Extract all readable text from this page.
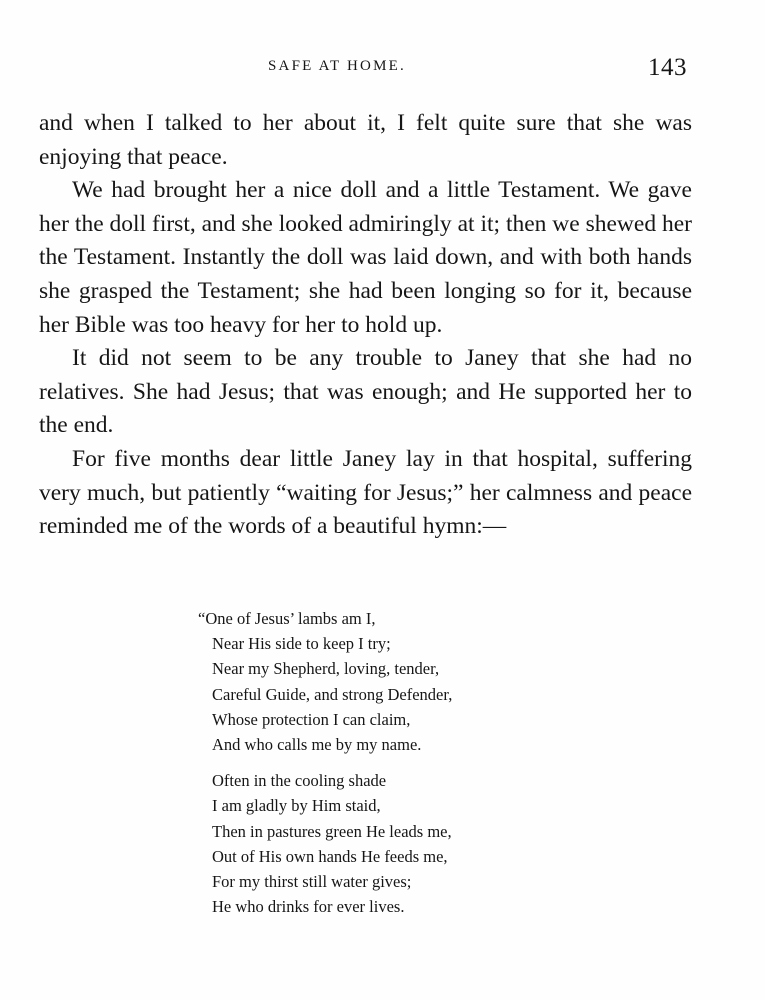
SAFE AT HOME.	143

and when I talked to her about it, I felt quite sure that she was enjoying that peace.

We had brought her a nice doll and a little Testament. We gave her the doll first, and she looked admiringly at it; then we shewed her the Testament. Instantly the doll was laid down, and with both hands she grasped the Testament; she had been longing so for it, because her Bible was too heavy for her to hold up.

It did not seem to be any trouble to Janey that she had no relatives. She had Jesus; that was enough; and He supported her to the end.

For five months dear little Janey lay in that hospital, suffering very much, but patiently “waiting for Jesus;” her calmness and peace reminded me of the words of a beautiful hymn:—

“One of Jesus’ lambs am I,
Near His side to keep I try;
Near my Shepherd, loving, tender,
Careful Guide, and strong Defender,
Whose protection I can claim,
And who calls me by my name.
Often in the cooling shade
I am gladly by Him staid,
Then in pastures green He leads me,
Out of His own hands He feeds me,
For my thirst still water gives;
He who drinks for ever lives.
